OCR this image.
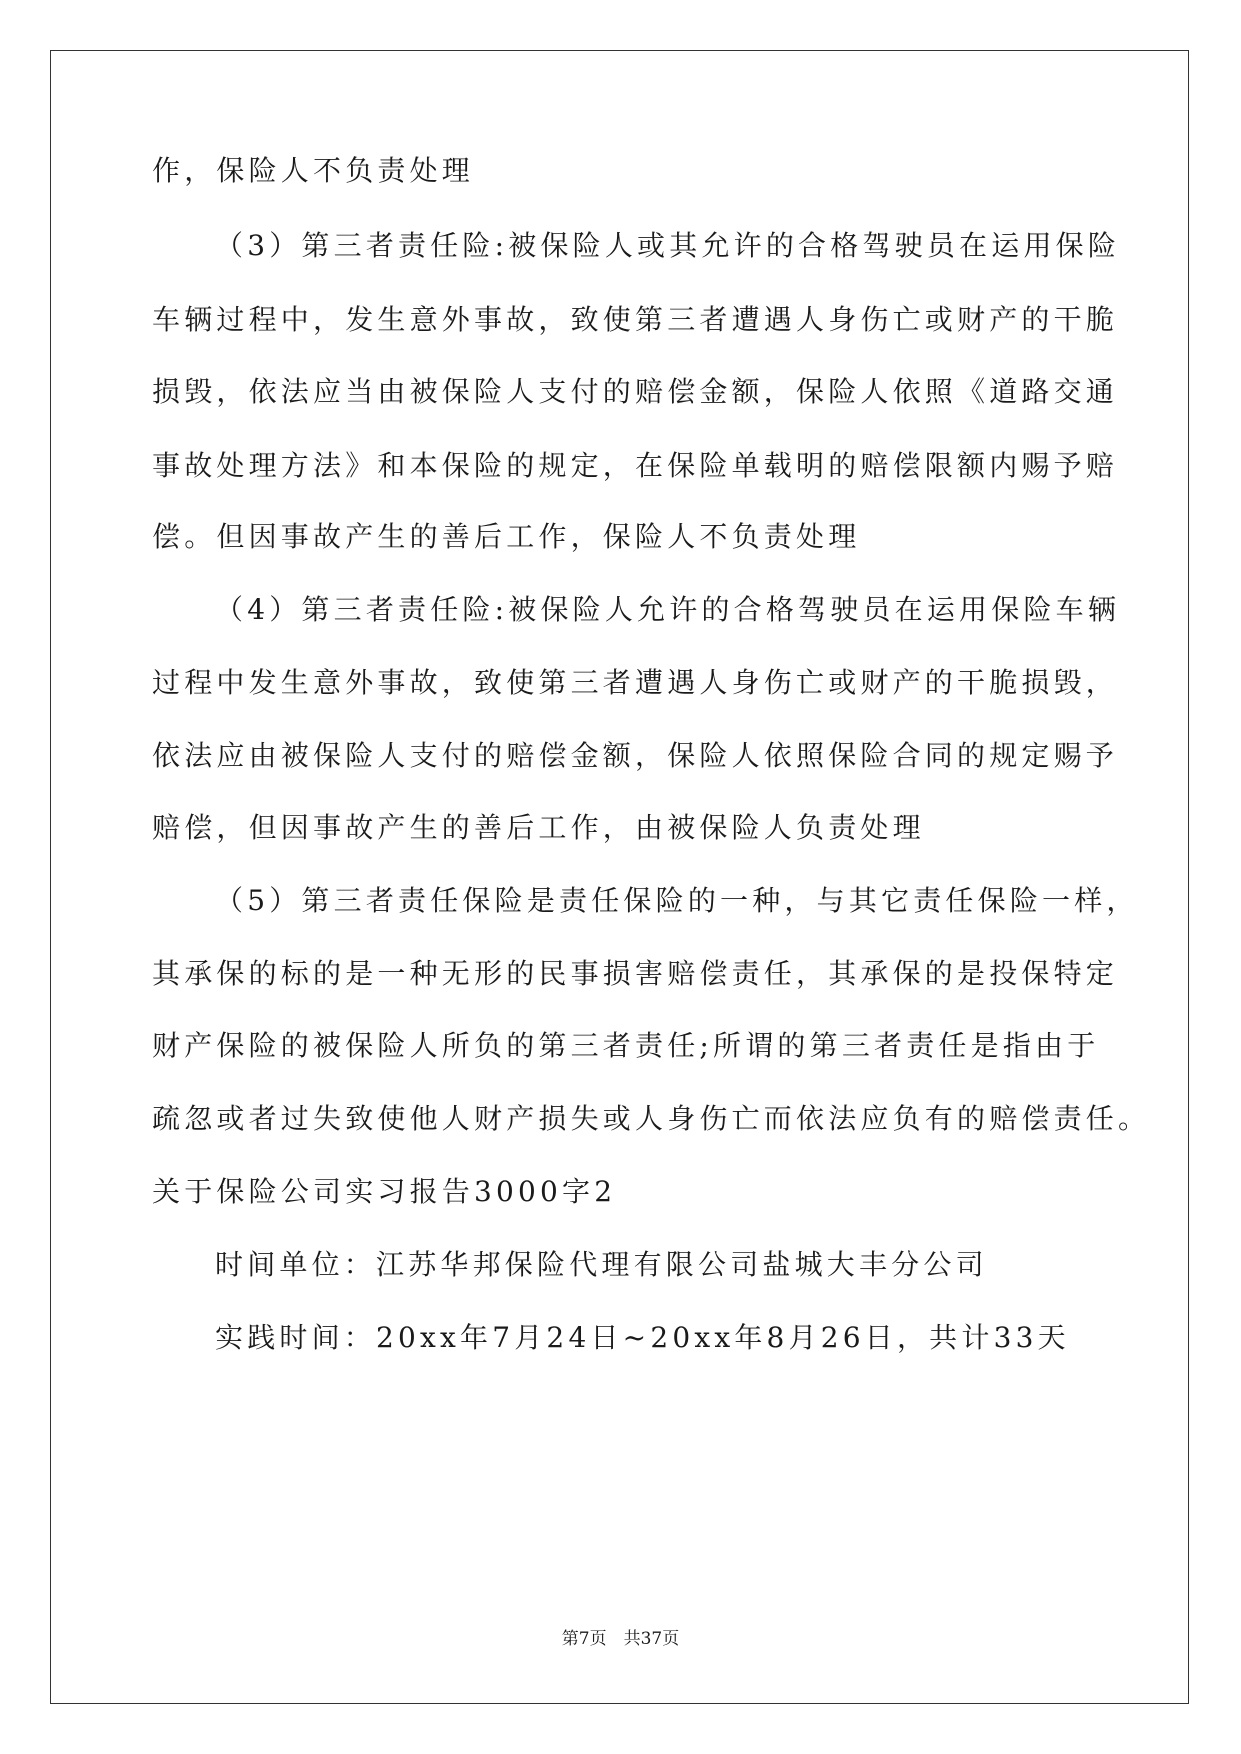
作，保险人不负责处理
（3）第三者责任险:被保险人或其允许的合格驾驶员在运用保险
车辆过程中，发生意外事故，致使第三者遭遇人身伤亡或财产的干脆
损毁，依法应当由被保险人支付的赔偿金额，保险人依照《道路交通
事故处理方法》和本保险的规定，在保险单载明的赔偿限额内赐予赔
偿。但因事故产生的善后工作，保险人不负责处理
（4）第三者责任险:被保险人允许的合格驾驶员在运用保险车辆
过程中发生意外事故，致使第三者遭遇人身伤亡或财产的干脆损毁，
依法应由被保险人支付的赔偿金额，保险人依照保险合同的规定赐予
赔偿，但因事故产生的善后工作，由被保险人负责处理
（5）第三者责任保险是责任保险的一种，与其它责任保险一样，
其承保的标的是一种无形的民事损害赔偿责任，其承保的是投保特定
财产保险的被保险人所负的第三者责任;所谓的第三者责任是指由于
疏忽或者过失致使他人财产损失或人身伤亡而依法应负有的赔偿责任。
关于保险公司实习报告3000字2
时间单位：江苏华邦保险代理有限公司盐城大丰分公司
实践时间：20xx年7月24日~20xx年8月26日，共计33天
第7页　共37页
